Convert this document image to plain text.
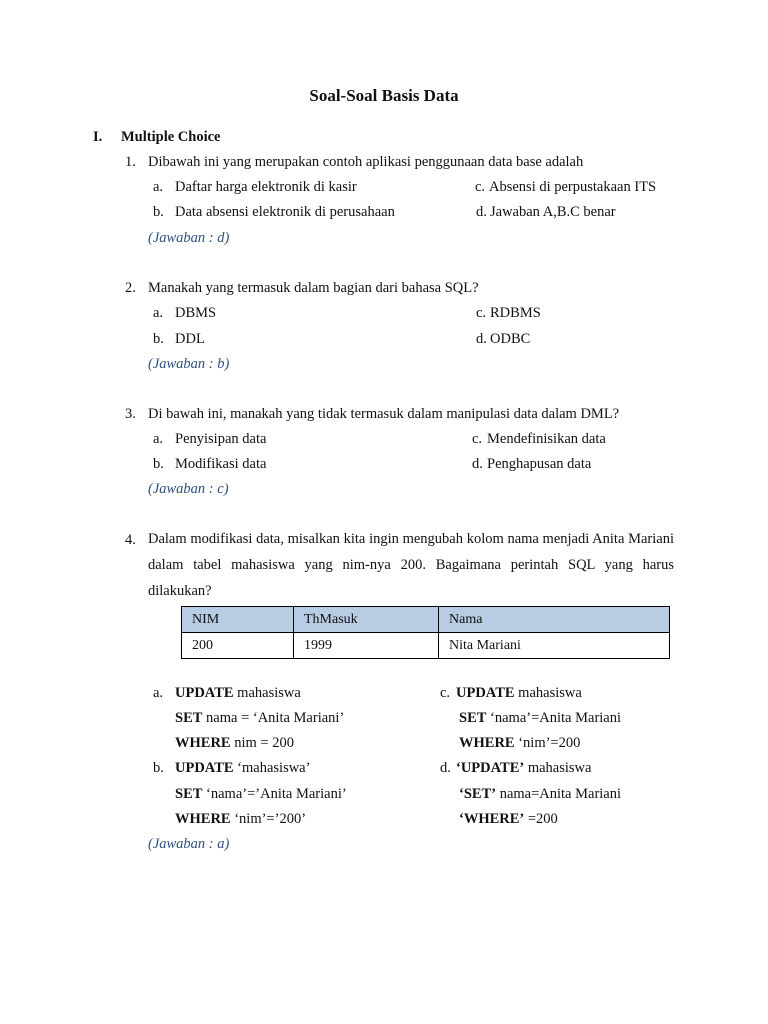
Soal-Soal Basis Data
I. Multiple Choice
1. Dibawah ini yang merupakan contoh aplikasi penggunaan data base adalah
a. Daftar harga elektronik di kasir
b. Data absensi elektronik di perusahaan
c. Absensi di perpustakaan ITS
d. Jawaban A,B.C benar
(Jawaban : d)
2. Manakah yang termasuk dalam bagian dari bahasa SQL?
a. DBMS
b. DDL
c. RDBMS
d. ODBC
(Jawaban : b)
3. Di bawah ini, manakah yang tidak termasuk dalam manipulasi data dalam DML?
a. Penyisipan data
b. Modifikasi data
c. Mendefinisikan data
d. Penghapusan data
(Jawaban : c)
4. Dalam modifikasi data, misalkan kita ingin mengubah kolom nama menjadi Anita Mariani dalam tabel mahasiswa yang nim-nya 200. Bagaimana perintah SQL yang harus dilakukan?
NIM	ThMasuk	Nama
200	1999	Nita Mariani
a. UPDATE mahasiswa
SET nama = ‘Anita Mariani’
WHERE nim = 200
b. UPDATE ‘mahasiswa’
SET ‘nama’=’Anita Mariani’
WHERE ‘nim’=’200’
c. UPDATE mahasiswa
SET ‘nama’=Anita Mariani
WHERE ‘nim’=200
d. ‘UPDATE’ mahasiswa
‘SET’ nama=Anita Mariani
‘WHERE’ =200
(Jawaban : a)
